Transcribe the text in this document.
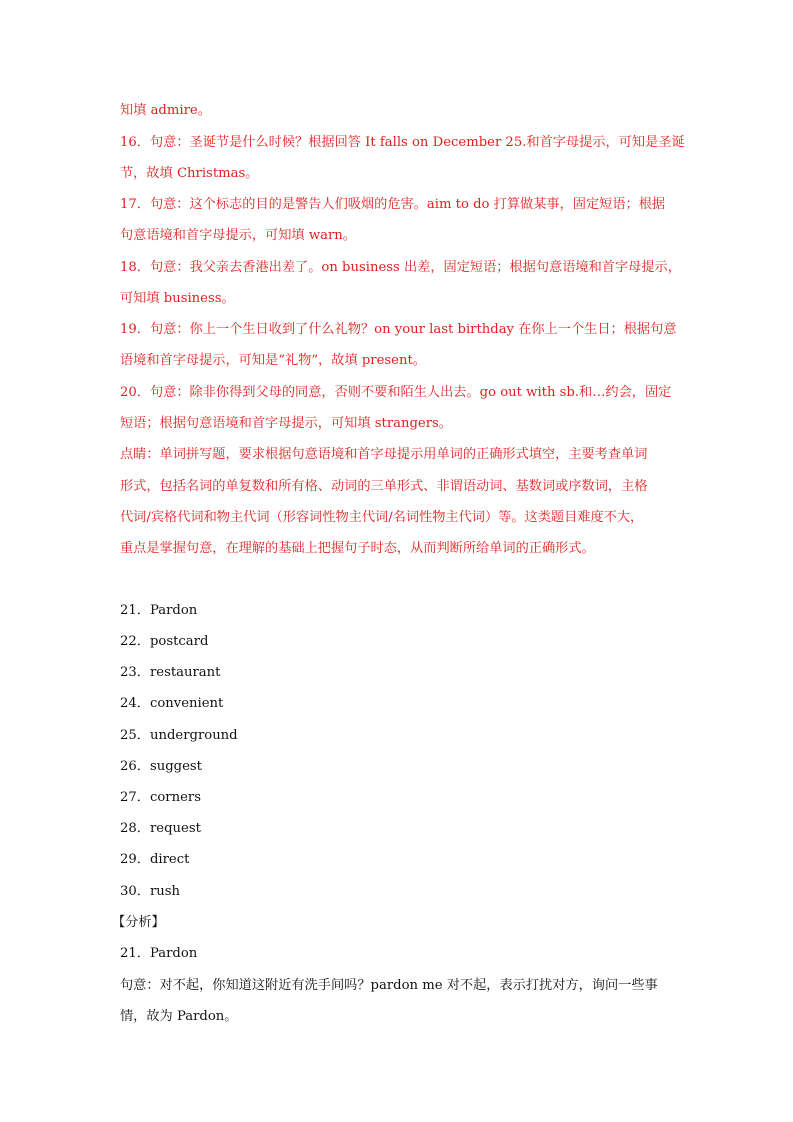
知填 admire。
16．句意：圣诞节是什么时候？根据回答 It falls on December 25.和首字母提示，可知是圣诞
节，故填 Christmas。
17．句意：这个标志的目的是警告人们吸烟的危害。aim to do 打算做某事，固定短语；根据
句意语境和首字母提示，可知填 warn。
18．句意：我父亲去香港出差了。on business 出差，固定短语；根据句意语境和首字母提示，
可知填 business。
19．句意：你上一个生日收到了什么礼物？on your last birthday 在你上一个生日；根据句意
语境和首字母提示，可知是“礼物”，故填 present。
20．句意：除非你得到父母的同意，否则不要和陌生人出去。go out with sb.和…约会，固定
短语；根据句意语境和首字母提示，可知填 strangers。
点睛：单词拼写题，要求根据句意语境和首字母提示用单词的正确形式填空，主要考查单词
形式，包括名词的单复数和所有格、动词的三单形式、非谓语动词、基数词或序数词，主格
代词/宾格代词和物主代词（形容词性物主代词/名词性物主代词）等。这类题目难度不大，
重点是掌握句意，在理解的基础上把握句子时态，从而判断所给单词的正确形式。
21．Pardon
22．postcard
23．restaurant
24．convenient
25．underground
26．suggest
27．corners
28．request
29．direct
30．rush
【分析】
21．Pardon
句意：对不起，你知道这附近有洗手间吗？pardon me 对不起，表示打扰对方，询问一些事
情，故为 Pardon。
